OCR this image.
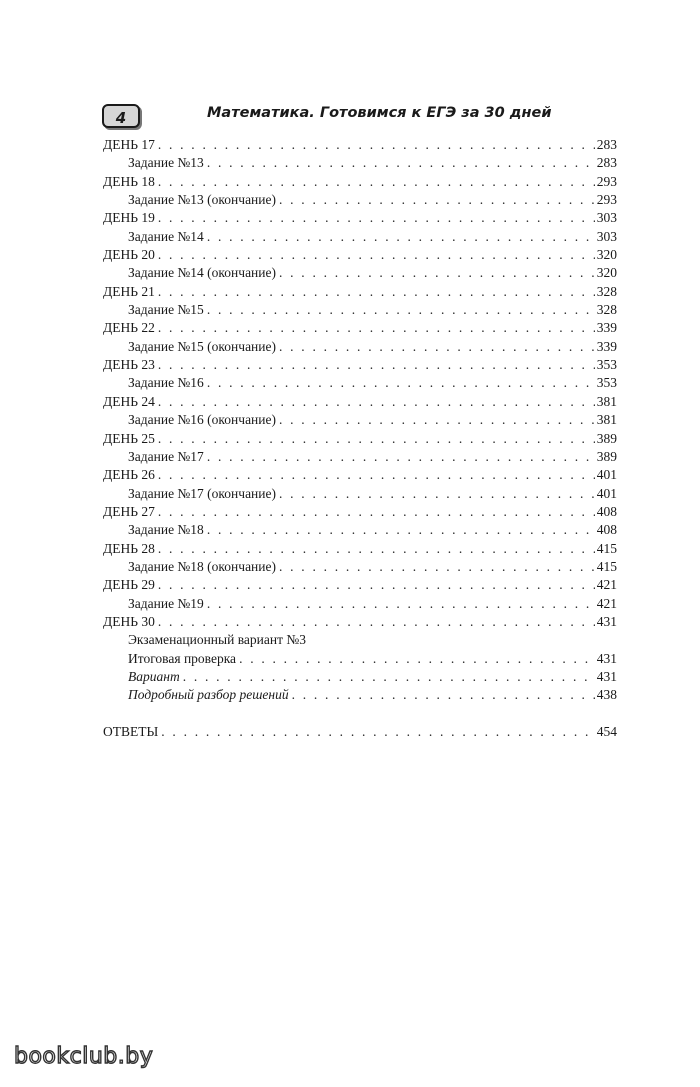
4	Математика. Готовимся к ЕГЭ за 30 дней
ДЕНЬ 17 . . .	283
Задание №13 . . .	283
ДЕНЬ 18 . . .	293
Задание №13 (окончание) . . .	293
ДЕНЬ 19 . . .	303
Задание №14 . . .	303
ДЕНЬ 20 . . .	320
Задание №14 (окончание) . . .	320
ДЕНЬ 21 . . .	328
Задание №15 . . .	328
ДЕНЬ 22 . . .	339
Задание №15 (окончание) . . .	339
ДЕНЬ 23 . . .	353
Задание №16 . . .	353
ДЕНЬ 24 . . .	381
Задание №16 (окончание) . . .	381
ДЕНЬ 25 . . .	389
Задание №17 . . .	389
ДЕНЬ 26 . . .	401
Задание №17 (окончание) . . .	401
ДЕНЬ 27 . . .	408
Задание №18 . . .	408
ДЕНЬ 28 . . .	415
Задание №18 (окончание) . . .	415
ДЕНЬ 29 . . .	421
Задание №19 . . .	421
ДЕНЬ 30 . . .	431
Экзаменационный вариант №3
Итоговая проверка . . .	431
Вариант . . .	431
Подробный разбор решений . . .	438
ОТВЕТЫ . . .	454
bookclub.by
